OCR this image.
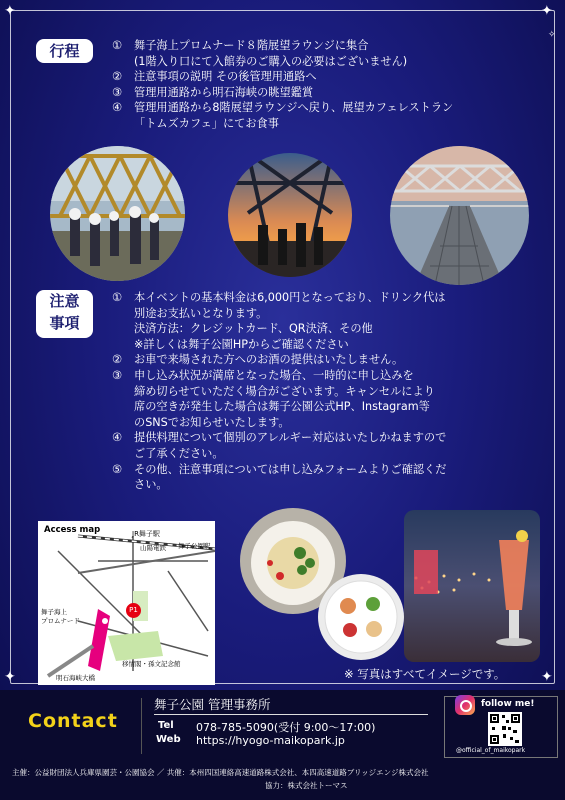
✦	✦
✧
✦	✦
行程	① 舞子海上プロムナード８階展望ラウンジに集合
(1階入り口にて入館券のご購入の必要はございません)
② 注意事項の説明 その後管理用通路へ
③ 管理用通路から明石海峡の眺望鑑賞
④ 管理用通路から8階展望ラウンジへ戻り、展望カフェレストラン
「トムズカフェ」にてお食事
注意
事項
① 本イベントの基本料金は6,000円となっており、ドリンク代は
別途お支払いとなります。
決済方法：クレジットカード、QR決済、その他
※詳しくは舞子公園HPからご確認ください
② お車で来場された方へのお酒の提供はいたしません。
③ 申し込み状況が満席となった場合、一時的に申し込みを
締め切らせていただく場合がございます。キャンセルにより
席の空きが発生した場合は舞子公園公式HP、Instagram等
のSNSでお知らせいたします。
④ 提供料理について個別のアレルギー対応はいたしかねますので
ご了承ください。
⑤ その他、注意事項については申し込みフォームよりご確認くだ
さい。
Access map	JR舞子駅
山陽電鉄 舞子公園駅
舞子海上
プロムナード
P1
移情閣・孫文記念館
明石海峡大橋	※ 写真はすべてイメージです。
Contact
舞子公園 管理事務所
Tel 078-785-5090(受付 9:00～17:00)
Web https://hyogo-maikopark.jp
follow me!
@official_of_maikopark
主催：公益財団法人兵庫県園芸・公園協会 ／ 共催：本州四国連絡高速道路株式会社、本四高速道路ブリッジエンジ株式会社
協力：株式会社トーマス
